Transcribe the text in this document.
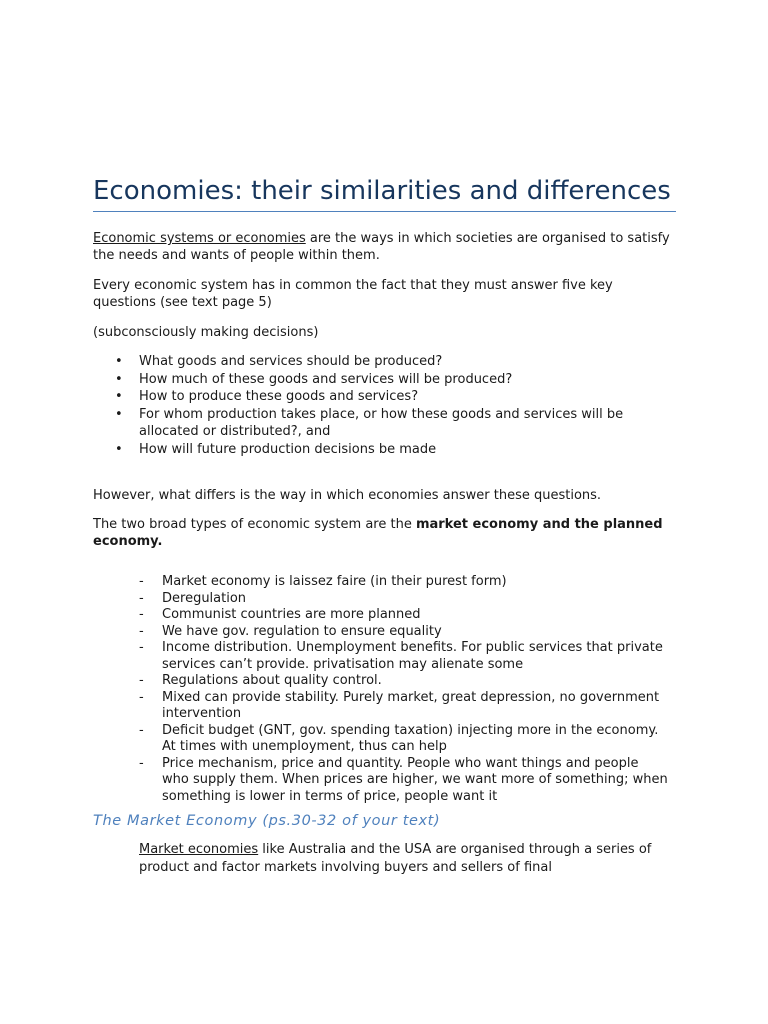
Economies: their similarities and differences

Economic systems or economies are the ways in which societies are organised to satisfy the needs and wants of people within them.

Every economic system has in common the fact that they must answer five key questions (see text page 5)

(subconsciously making decisions)

• What goods and services should be produced?
• How much of these goods and services will be produced?
• How to produce these goods and services?
• For whom production takes place, or how these goods and services will be allocated or distributed?, and
• How will future production decisions be made

However, what differs is the way in which economies answer these questions.

The two broad types of economic system are the market economy and the planned economy.

- Market economy is laissez faire (in their purest form)
- Deregulation
- Communist countries are more planned
- We have gov. regulation to ensure equality
- Income distribution. Unemployment benefits. For public services that private services can’t provide. privatisation may alienate some
- Regulations about quality control.
- Mixed can provide stability. Purely market, great depression, no government intervention
- Deficit budget (GNT, gov. spending taxation) injecting more in the economy. At times with unemployment, thus can help
- Price mechanism, price and quantity. People who want things and people who supply them. When prices are higher, we want more of something; when something is lower in terms of price, people want it
The Market Economy (ps.30-32 of your text)

Market economies like Australia and the USA are organised through a series of product and factor markets involving buyers and sellers of final
